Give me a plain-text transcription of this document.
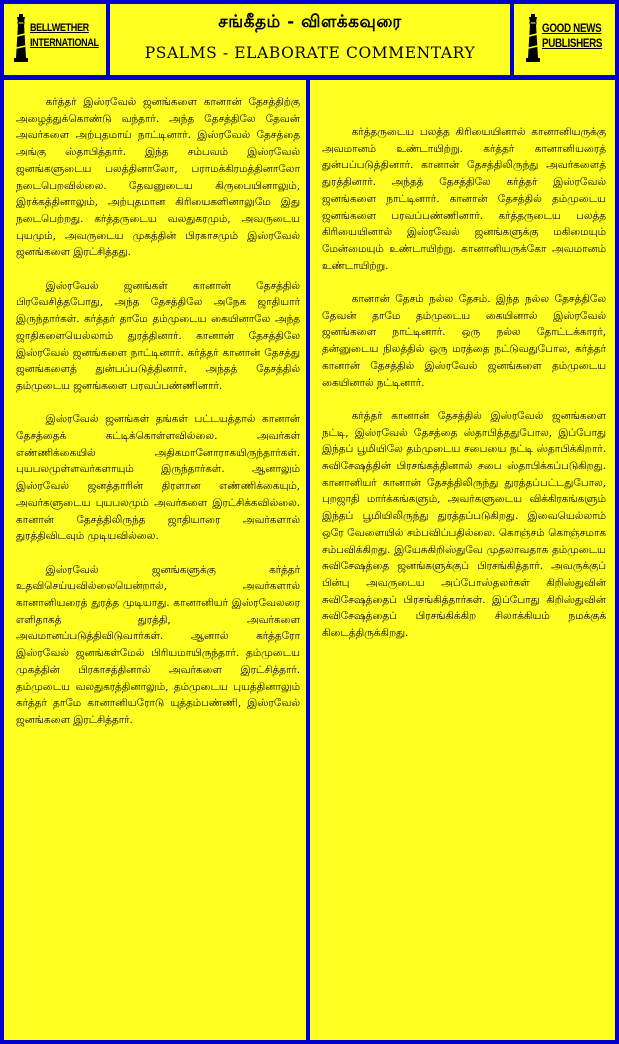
BELLWETHER
INTERNATIONAL
சங்கீதம் - விளக்கவுரை
PSALMS - ELABORATE COMMENTARY
GOOD NEWS
PUBLISHERS

கர்த்தர் இஸ்ரவேல் ஜனங்களை கானான் தேசத்திற்கு அழைத்துக்கொண்டு வந்தார். அந்த தேசத்திலே தேவன் அவர்களை அற்புதமாய் நாட்டினார். இஸ்ரவேல் தேசத்தை அங்கு ஸ்தாபித்தார். இந்த சம்பவம் இஸ்ரவேல் ஜனங்களுடைய பலத்தினாலோ, பராமக்கிரமத்தினாலோ நடைபெறவில்லை. தேவனுடைய கிருபையினாலும், இரக்கத்தினாலும், அற்புதமான கிரியைகளினாலுமே இது நடைபெற்றது. கர்த்தருடைய வலதுகரமும், அவருடைய புயமும், அவருடைய முகத்தின் பிரகாசமும் இஸ்ரவேல் ஜனங்களை இரட்சித்தது.

இஸ்ரவேல் ஜனங்கள் கானான் தேசத்தில் பிரவேசித்தபோது, அந்த தேசத்திலே அநேக ஜாதியார் இருந்தார்கள். கர்த்தர் தாமே தம்முடைய கையினாலே அந்த ஜாதிகளையெல்லாம் துரத்தினார். கானான் தேசத்திலே இஸ்ரவேல் ஜனங்களை நாட்டினார். கர்த்தர் கானான் தேசத்து ஜனங்களைத் துன்பப்படுத்தினார். அந்தத் தேசத்தில் தம்முடைய ஜனங்களை பரவப்பண்ணினார்.

இஸ்ரவேல் ஜனங்கள் தங்கள் பட்டயத்தால் கானான் தேசத்தைக் கட்டிக்கொள்ளவில்லை. அவர்கள் எண்ணிக்கையில் அதிகமானோராகயிருந்தார்கள். புயபலமுள்ளவர்களாயும் இருந்தார்கள். ஆனாலும் இஸ்ரவேல் ஜனத்தாரின் திரளான எண்ணிக்கையும், அவர்களுடைய புயபலமும் அவர்களை இரட்சிக்கவில்லை. கானான் தேசத்திலிருந்த ஜாதியாரை அவர்களால் துரத்திவிடவும் முடியவில்லை.

இஸ்ரவேல் ஜனங்களுக்கு கர்த்தர் உதவிசெய்யவில்லையென்றால், அவர்களால் கானானியரைத் துரத்த முடியாது. கானானியர் இஸ்ரவேலரை எளிதாகத் துரத்தி, அவர்களை அவமானப்படுத்திவிடுவார்கள். ஆனால் கர்த்தரோ இஸ்ரவேல் ஜனங்கள்மேல் பிரியமாயிருந்தார். தம்முடைய முகத்தின் பிரகாசத்தினால் அவர்களை இரட்சித்தார். தம்முடைய வலதுகரத்தினாலும், தம்முடைய புயத்தினாலும் கர்த்தர் தாமே கானானியரோடு யுத்தம்பண்ணி, இஸ்ரவேல் ஜனங்களை இரட்சித்தார்.

கர்த்தருடைய பலத்த கிரியையினால் கானானியருக்கு அவமானம் உண்டாயிற்று. கர்த்தர் கானானியரைத் துன்பப்படுத்தினார். கானான் தேசத்திலிருந்து அவர்களைத் துரத்தினார். அந்தத் தேசத்திலே கர்த்தர் இஸ்ரவேல் ஜனங்களை நாட்டினார். கானான் தேசத்தில் தம்முடைய ஜனங்களை பரவப்பண்ணினார். கர்த்தருடைய பலத்த கிரியையினால் இஸ்ரவேல் ஜனங்களுக்கு மகிமையும் மேன்மையும் உண்டாயிற்று. கானானியருக்கோ அவமானம் உண்டாயிற்று.

கானான் தேசம் நல்ல தேசம். இந்த நல்ல தேசத்திலே தேவன் தாமே தம்முடைய கையினால் இஸ்ரவேல் ஜனங்களை நாட்டினார். ஒரு நல்ல தோட்டக்காரர், தன்னுடைய நிலத்தில் ஒரு மரத்தை நட்டுவதுபோல, கர்த்தர் கானான் தேசத்தில் இஸ்ரவேல் ஜனங்களை தம்முடைய கையினால் நட்டினார்.

கர்த்தர் கானான் தேசத்தில் இஸ்ரவேல் ஜனங்களை நட்டி, இஸ்ரவேல் தேசத்தை ஸ்தாபித்ததுபோல, இப்போது இந்தப் பூமியிலே தம்முடைய சபையை நட்டி ஸ்தாபிக்கிறார். சுவிசேஷத்தின் பிரசங்கத்தினால் சபை ஸ்தாபிக்கப்படுகிறது. கானானியர் கானான் தேசத்திலிருந்து துரத்தப்பட்டதுபோல, புறஜாதி மார்க்கங்களும், அவர்களுடைய விக்கிரகங்களும் இந்தப் பூமியிலிருந்து துரத்தப்படுகிறது. இவையெல்லாம் ஒரே வேளையில் சம்பவிப்பதில்லை. கொஞ்சம் கொஞ்சமாக சம்பவிக்கிறது. இயேசுகிறிஸ்துவே முதலாவதாக தம்முடைய சுவிசேஷத்தை ஜனங்களுக்குப் பிரசங்கித்தார். அவருக்குப் பின்பு அவருடைய அப்போஸ்தலர்கள் கிறிஸ்துவின் சுவிசேஷத்தைப் பிரசங்கித்தார்கள். இப்போது கிறிஸ்துவின் சுவிசேஷத்தைப் பிரசங்கிக்கிற சிலாக்கியம் நமக்குக் கிடைத்திருக்கிறது.
